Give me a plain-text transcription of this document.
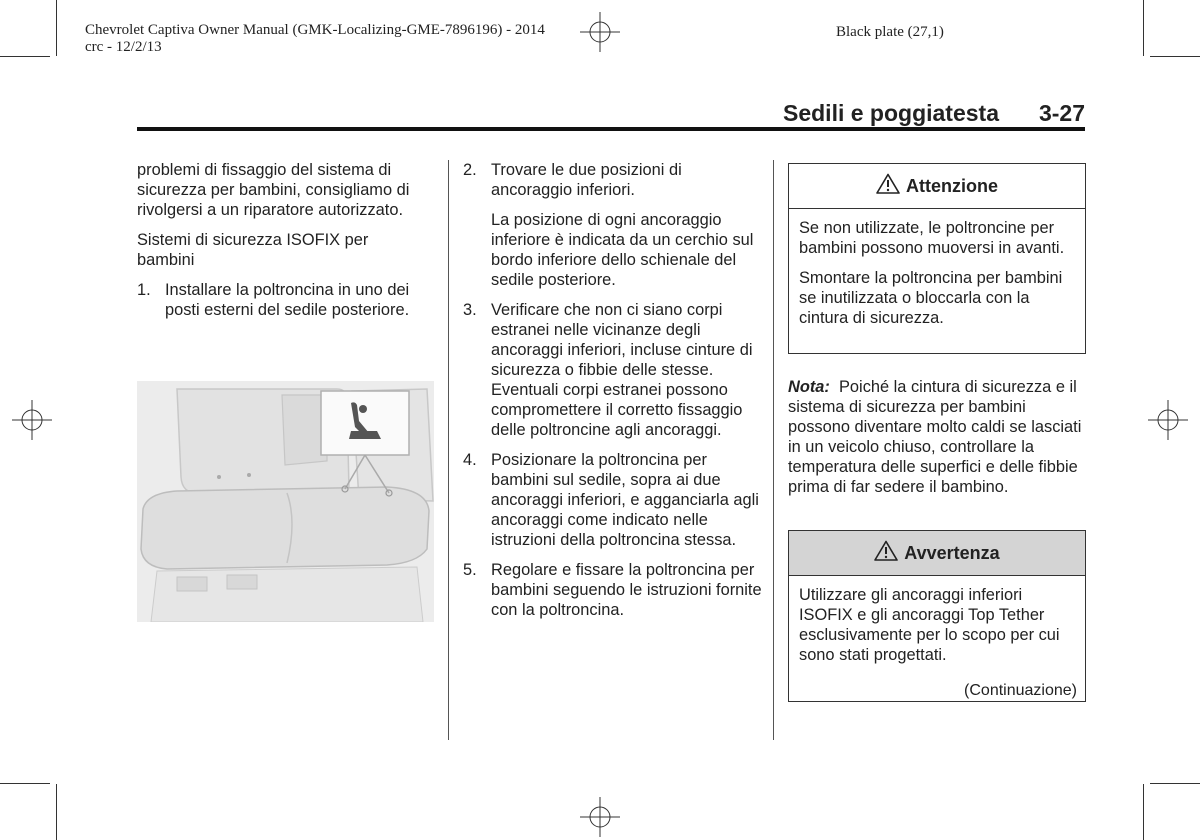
Chevrolet Captiva Owner Manual (GMK-Localizing-GME-7896196) - 2014
crc - 12/2/13
Black plate (27,1)
Sedili e poggiatesta 3-27

problemi di fissaggio del sistema di sicurezza per bambini, consigliamo di rivolgersi a un riparatore autorizzato.

Sistemi di sicurezza ISOFIX per bambini

1. Installare la poltroncina in uno dei posti esterni del sedile posteriore.
2. Trovare le due posizioni di ancoraggio inferiori.

La posizione di ogni ancoraggio inferiore è indicata da un cerchio sul bordo inferiore dello schienale del sedile posteriore.

3. Verificare che non ci siano corpi estranei nelle vicinanze degli ancoraggi inferiori, incluse cinture di sicurezza o fibbie delle stesse. Eventuali corpi estranei possono compromettere il corretto fissaggio delle poltroncine agli ancoraggi.
4. Posizionare la poltroncina per bambini sul sedile, sopra ai due ancoraggi inferiori, e agganciarla agli ancoraggi come indicato nelle istruzioni della poltroncina stessa.
5. Regolare e fissare la poltroncina per bambini seguendo le istruzioni fornite con la poltroncina.
Attenzione

Se non utilizzate, le poltroncine per bambini possono muoversi in avanti.

Smontare la poltroncina per bambini se inutilizzata o bloccarla con la cintura di sicurezza.

Nota: Poiché la cintura di sicurezza e il sistema di sicurezza per bambini possono diventare molto caldi se lasciati in un veicolo chiuso, controllare la temperatura delle superfici e delle fibbie prima di far sedere il bambino.

Avvertenza

Utilizzare gli ancoraggi inferiori ISOFIX e gli ancoraggi Top Tether esclusivamente per lo scopo per cui sono stati progettati.

(Continuazione)
